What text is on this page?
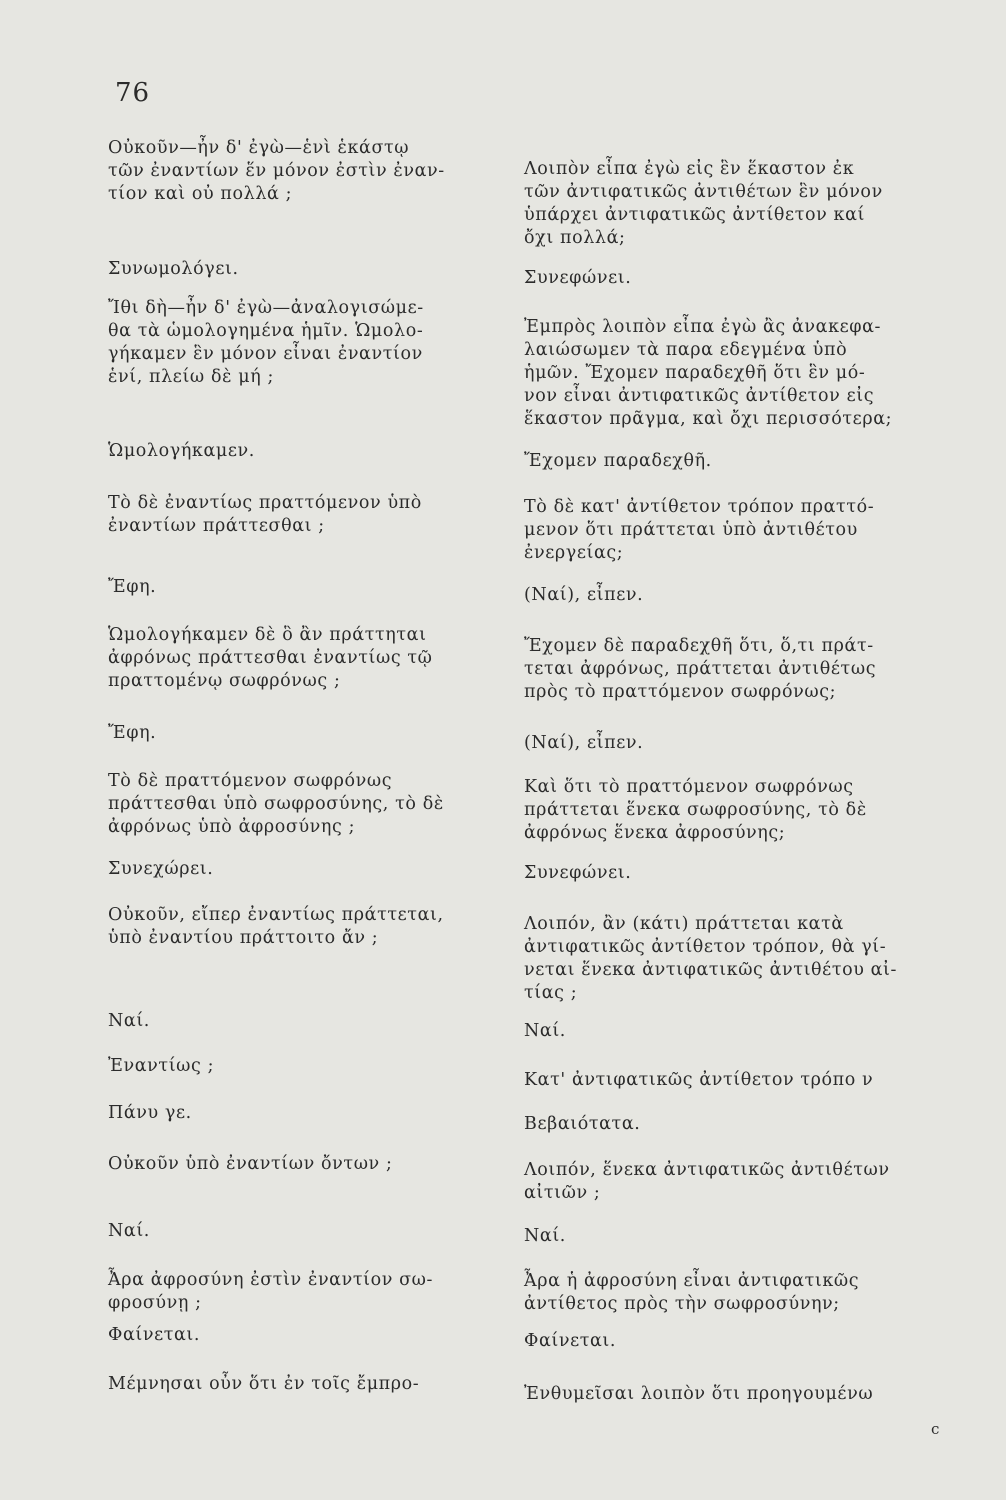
76
Οὐκοῦν—ἦν δ' ἐγὼ—ἑνὶ ἑκάστῳ
τῶν ἐναντίων ἕν μόνον ἐστὶν ἐναν-
τίον καὶ οὐ πολλά ;
Συνωμολόγει.
Ἴθι δὴ—ἦν δ' ἐγὼ—ἀναλογισώμε-
θα τὰ ὡμολογημένα ἡμῖν. Ὡμολο-
γήκαμεν ἓν μόνον εἶναι ἐναντίον
ἑνί, πλείω δὲ μή ;
Ὡμολογήκαμεν.
Τὸ δὲ ἐναντίως πραττόμενον ὑπὸ
ἐναντίων πράττεσθαι ;
Ἔφη.
Ὡμολογήκαμεν δὲ ὃ ἂν πράττηται
ἀφρόνως πράττεσθαι ἐναντίως τῷ
πραττομένῳ σωφρόνως ;
Ἔφη.
Τὸ δὲ πραττόμενον σωφρόνως
πράττεσθαι ὑπὸ σωφροσύνης, τὸ δὲ
ἀφρόνως ὑπὸ ἀφροσύνης ;
Συνεχώρει.
Οὐκοῦν, εἴπερ ἐναντίως πράττεται,
ὑπὸ ἐναντίου πράττοιτο ἄν ;
Ναί.
Ἐναντίως ;
Πάνυ γε.
Οὐκοῦν ὑπὸ ἐναντίων ὄντων ;
Ναί.
Ἆρα ἀφροσύνη ἐστὶν ἐναντίον σω-
φροσύνῃ ;
Φαίνεται.
Μέμνησαι οὖν ὅτι ἐν τοῖς ἔμπρο-
Λοιπὸν εἶπα ἐγὼ εἰς ἓν ἕκαστον ἐκ
τῶν ἀντιφατικῶς ἀντιθέτων ἓν μόνον
ὑπάρχει ἀντιφατικῶς ἀντίθετον καί
ὄχι πολλά;
Συνεφώνει.
Ἐμπρὸς λοιπὸν εἶπα ἐγὼ ἂς ἀνακεφα-
λαιώσωμεν τὰ παρα εδεγμένα ὑπὸ
ἡμῶν. Ἔχομεν παραδεχθῆ ὅτι ἓν μό-
νον εἶναι ἀντιφατικῶς ἀντίθετον εἰς
ἕκαστον πρᾶγμα, καὶ ὄχι περισσότερα;
Ἔχομεν παραδεχθῆ.
Τὸ δὲ κατ' ἀντίθετον τρόπον πραττό-
μενον ὅτι πράττεται ὑπὸ ἀντιθέτου
ἐνεργείας;
(Ναί), εἶπεν.
Ἔχομεν δὲ παραδεχθῆ ὅτι, ὅ,τι πράτ-
τεται ἀφρόνως, πράττεται ἀντιθέτως
πρὸς τὸ πραττόμενον σωφρόνως;
(Ναί), εἶπεν.
Καὶ ὅτι τὸ πραττόμενον σωφρόνως
πράττεται ἕνεκα σωφροσύνης, τὸ δὲ
ἀφρόνως ἕνεκα ἀφροσύνης;
Συνεφώνει.
Λοιπόν, ἂν (κάτι) πράττεται κατὰ
ἀντιφατικῶς ἀντίθετον τρόπον, θὰ γί-
νεται ἕνεκα ἀντιφατικῶς ἀντιθέτου αἰ-
τίας ;
Ναί.
Κατ' ἀντιφατικῶς ἀντίθετον τρόπο ν
Βεβαιότατα.
Λοιπόν, ἕνεκα ἀντιφατικῶς ἀντιθέτων
αἰτιῶν ;
Ναί.
Ἆρα ἡ ἀφροσύνη εἶναι ἀντιφατικῶς
ἀντίθετος πρὸς τὴν σωφροσύνην;
Φαίνεται.
Ἐνθυμεῖσαι λοιπὸν ὅτι προηγουμένω
c
